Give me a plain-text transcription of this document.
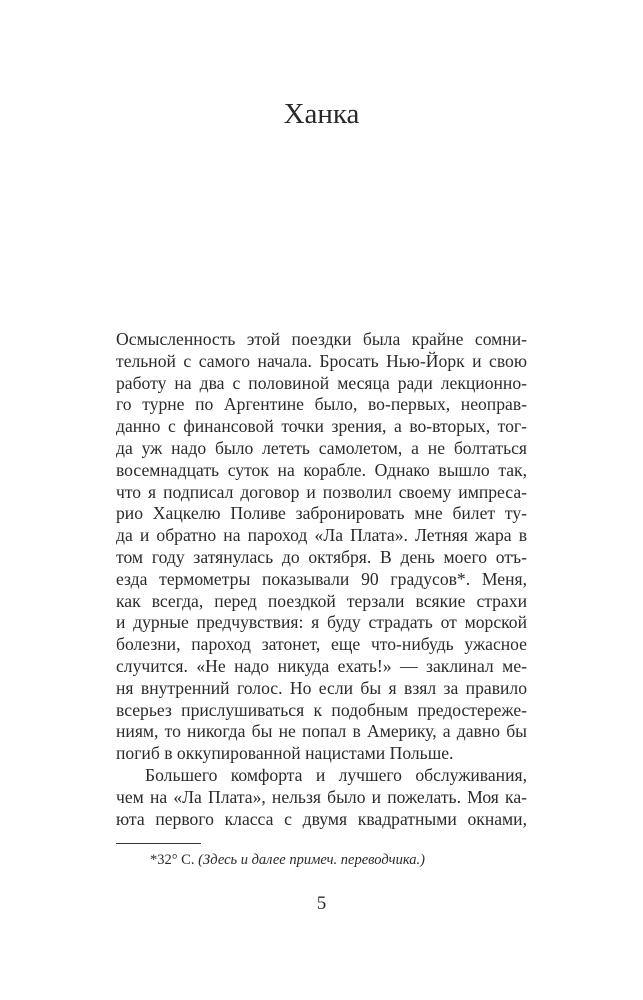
Ханка
Осмысленность этой поездки была крайне сомни-
тельной с самого начала. Бросать Нью-Йорк и свою
работу на два с половиной месяца ради лекционно-
го турне по Аргентине было, во-первых, неоправ-
данно с финансовой точки зрения, а во-вторых, тог-
да уж надо было лететь самолетом, а не болтаться
восемнадцать суток на корабле. Однако вышло так,
что я подписал договор и позволил своему импреса-
рио Хацкелю Поливе забронировать мне билет ту-
да и обратно на пароход «Ла Плата». Летняя жара в
том году затянулась до октября. В день моего отъ-
езда термометры показывали 90 градусов*. Меня,
как всегда, перед поездкой терзали всякие страхи
и дурные предчувствия: я буду страдать от морской
болезни, пароход затонет, еще что-нибудь ужасное
случится. «Не надо никуда ехать!» — заклинал ме-
ня внутренний голос. Но если бы я взял за правило
всерьез прислушиваться к подобным предостереже-
ниям, то никогда бы не попал в Америку, а давно бы
погиб в оккупированной нацистами Польше.
Большего комфорта и лучшего обслуживания,
чем на «Ла Плата», нельзя было и пожелать. Моя ка-
юта первого класса с двумя квадратными окнами,
*32° С. (Здесь и далее примеч. переводчика.)
5
